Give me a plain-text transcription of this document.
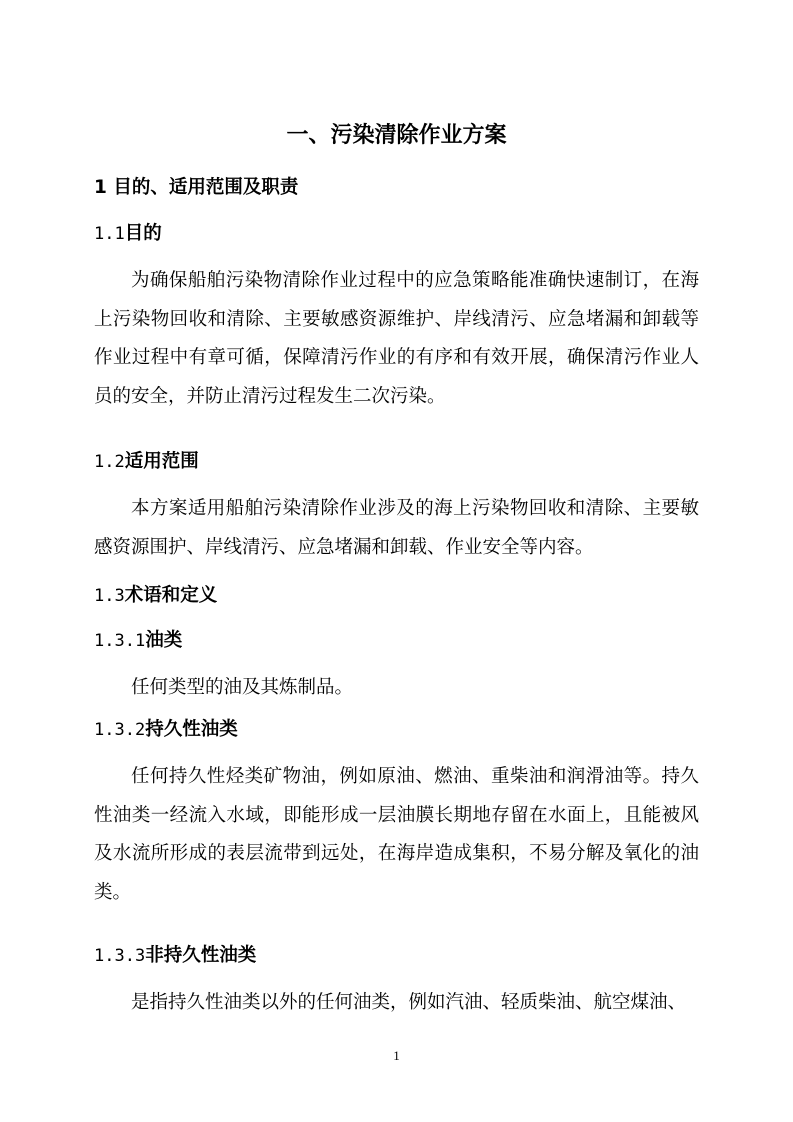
一、污染清除作业方案
1 目的、适用范围及职责
1.1目的

为确保船舶污染物清除作业过程中的应急策略能准确快速制订，在海上污染物回收和清除、主要敏感资源维护、岸线清污、应急堵漏和卸载等作业过程中有章可循，保障清污作业的有序和有效开展，确保清污作业人员的安全，并防止清污过程发生二次污染。

1.2适用范围

本方案适用船舶污染清除作业涉及的海上污染物回收和清除、主要敏感资源围护、岸线清污、应急堵漏和卸载、作业安全等内容。

1.3术语和定义
1.3.1油类

任何类型的油及其炼制品。

1.3.2持久性油类

任何持久性烃类矿物油，例如原油、燃油、重柴油和润滑油等。持久性油类一经流入水域，即能形成一层油膜长期地存留在水面上，且能被风及水流所形成的表层流带到远处，在海岸造成集积，不易分解及氧化的油类。

1.3.3非持久性油类

是指持久性油类以外的任何油类，例如汽油、轻质柴油、航空煤油、

1
